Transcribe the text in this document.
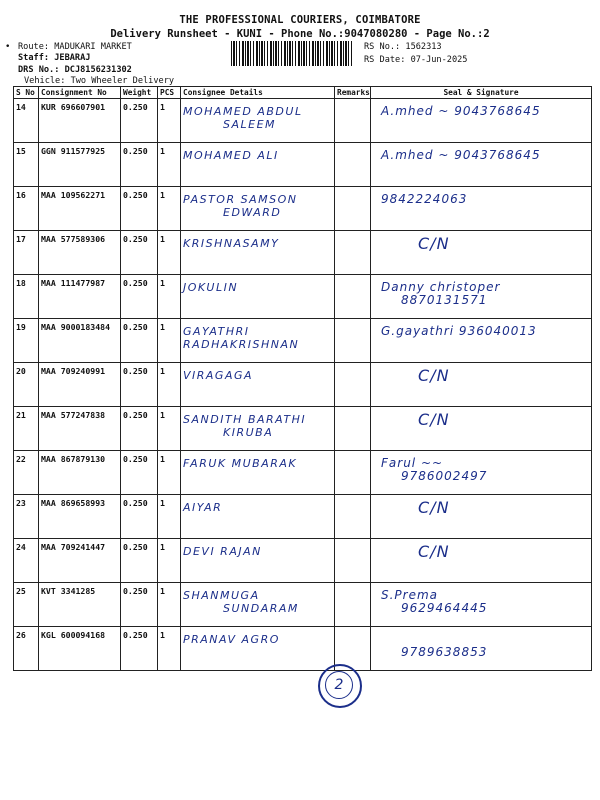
THE PROFESSIONAL COURIERS, COIMBATORE
Delivery Runsheet - KUNI - Phone No.:9047080280 - Page No.:2
• Route: MADUKARI MARKET
Staff: JEBARAJ
DRS No.: DCJ8156231302
Vehicle: Two Wheeler Delivery
RS No.: 1562313
RS Date: 07-Jun-2025
S No	Consignment No	Weight	PCS	Consignee Details	Remarks	Seal & Signature
14	KUR 696607901	0.250	1	MOHAMED ABDUL
SALEEM		A.mhed ~ 9043768645

15	GGN 911577925	0.250	1	MOHAMED ALI		A.mhed ~ 9043768645

16	MAA 109562271	0.250	1	PASTOR SAMSON
EDWARD		9842224063

17	MAA 577589306	0.250	1	KRISHNASAMY		C/N

18	MAA 111477987	0.250	1	JOKULIN		Danny christoper
8870131571

19	MAA 9000183484	0.250	1	GAYATHRI RADHAKRISHNAN		G.gayathri 936040013

20	MAA 709240991	0.250	1	VIRAGAGA		C/N

21	MAA 577247838	0.250	1	SANDITH BARATHI
KIRUBA		C/N

22	MAA 867879130	0.250	1	FARUK MUBARAK		Farul ~~
9786002497

23	MAA 869658993	0.250	1	AIYAR		C/N

24	MAA 709241447	0.250	1	DEVI RAJAN		C/N

25	KVT 3341285	0.250	1	SHANMUGA
SUNDARAM		S.Prema
9629464445

26	KGL 600094168	0.250	1	PRANAV AGRO		9789638853
2
